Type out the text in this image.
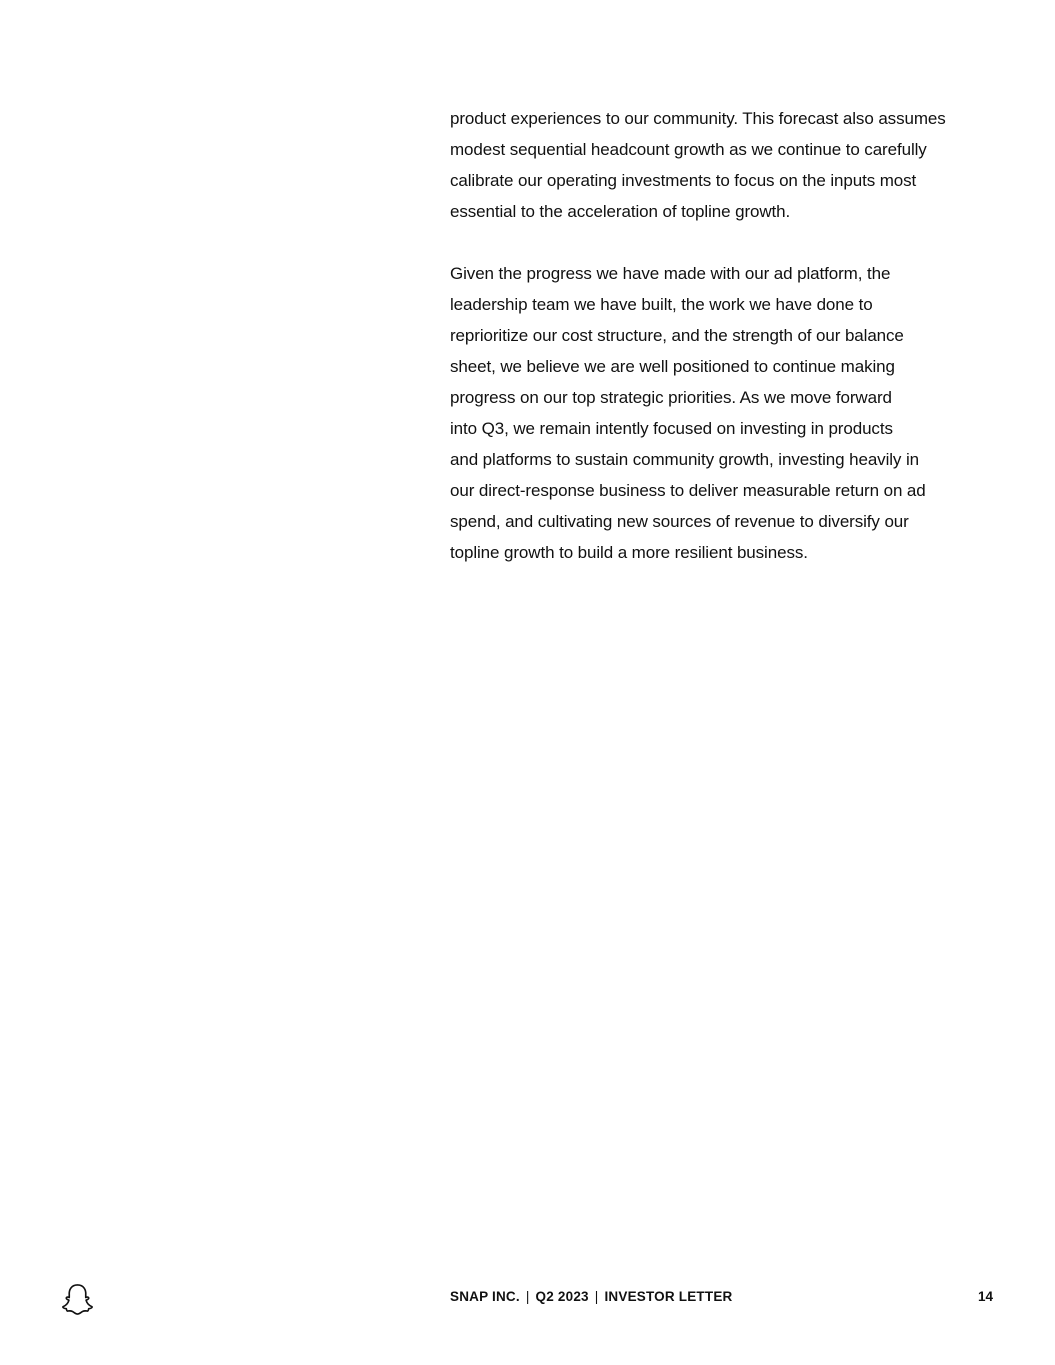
product experiences to our community. This forecast also assumes
modest sequential headcount growth as we continue to carefully
calibrate our operating investments to focus on the inputs most
essential to the acceleration of topline growth.

Given the progress we have made with our ad platform, the
leadership team we have built, the work we have done to
reprioritize our cost structure, and the strength of our balance
sheet, we believe we are well positioned to continue making
progress on our top strategic priorities. As we move forward
into Q3, we remain intently focused on investing in products
and platforms to sustain community growth, investing heavily in
our direct-response business to deliver measurable return on ad
spend, and cultivating new sources of revenue to diversify our
topline growth to build a more resilient business.

SNAP INC. | Q2 2023 | INVESTOR LETTER	14
